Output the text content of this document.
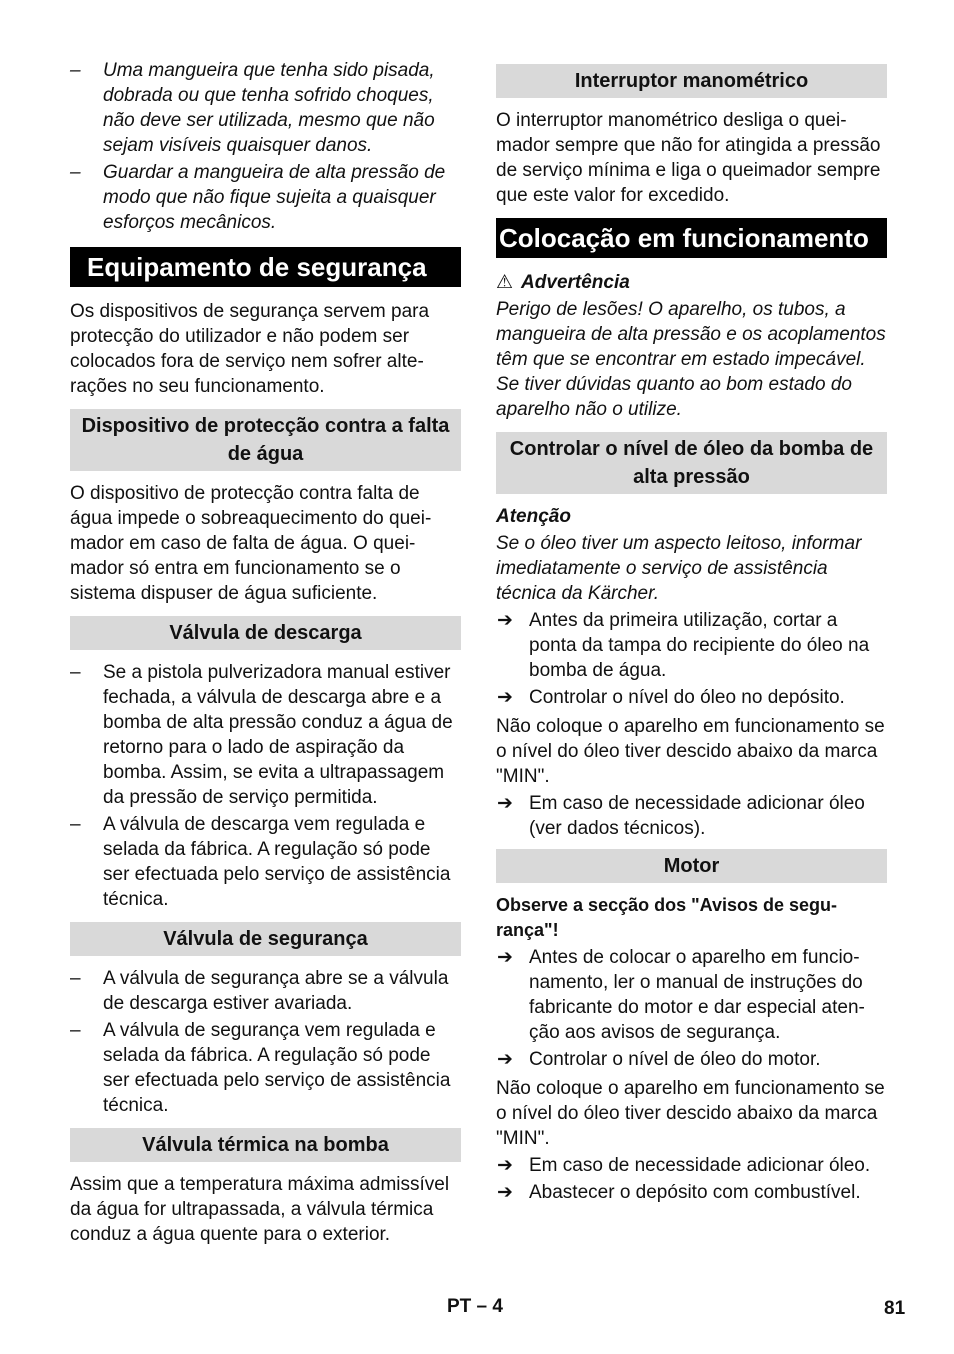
– Uma mangueira que tenha sido pisada, dobrada ou que tenha sofrido choques, não deve ser utilizada, mesmo que não sejam visíveis quaisquer danos.
– Guardar a mangueira de alta pressão de modo que não fique sujeita a quaisquer esforços mecânicos.
Equipamento de segurança

Os dispositivos de segurança servem para protecção do utilizador e não podem ser colocados fora de serviço nem sofrer alterações no seu funcionamento.

Dispositivo de protecção contra a falta de água

O dispositivo de protecção contra falta de água impede o sobreaquecimento do queimador em caso de falta de água. O queimador só entra em funcionamento se o sistema dispuser de água suficiente.

Válvula de descarga
– Se a pistola pulverizadora manual estiver fechada, a válvula de descarga abre e a bomba de alta pressão conduz a água de retorno para o lado de aspiração da bomba. Assim, se evita a ultrapassagem da pressão de serviço permitida.
– A válvula de descarga vem regulada e selada da fábrica. A regulação só pode ser efectuada pelo serviço de assistência técnica.
Válvula de segurança
– A válvula de segurança abre se a válvula de descarga estiver avariada.
– A válvula de segurança vem regulada e selada da fábrica. A regulação só pode ser efectuada pelo serviço de assistência técnica.
Válvula térmica na bomba

Assim que a temperatura máxima admissível da água for ultrapassada, a válvula térmica conduz a água quente para o exterior.

Interruptor manométrico

O interruptor manométrico desliga o queimador sempre que não for atingida a pressão de serviço mínima e liga o queimador sempre que este valor for excedido.

Colocação em funcionamento
⚠ Advertência

Perigo de lesões! O aparelho, os tubos, a mangueira de alta pressão e os acoplamentos têm que se encontrar em estado impecável. Se tiver dúvidas quanto ao bom estado do aparelho não o utilize.

Controlar o nível de óleo da bomba de alta pressão
Atenção

Se o óleo tiver um aspecto leitoso, informar imediatamente o serviço de assistência técnica da Kärcher.

➔ Antes da primeira utilização, cortar a ponta da tampa do recipiente do óleo na bomba de água.
➔ Controlar o nível do óleo no depósito.

Não coloque o aparelho em funcionamento se o nível do óleo tiver descido abaixo da marca "MIN".

➔ Em caso de necessidade adicionar óleo (ver dados técnicos).
Motor

Observe a secção dos "Avisos de segurança"!

➔ Antes de colocar o aparelho em funcionamento, ler o manual de instruções do fabricante do motor e dar especial atenção aos avisos de segurança.
➔ Controlar o nível de óleo do motor.

Não coloque o aparelho em funcionamento se o nível do óleo tiver descido abaixo da marca "MIN".

➔ Em caso de necessidade adicionar óleo.
➔ Abastecer o depósito com combustível.
PT – 4	81
